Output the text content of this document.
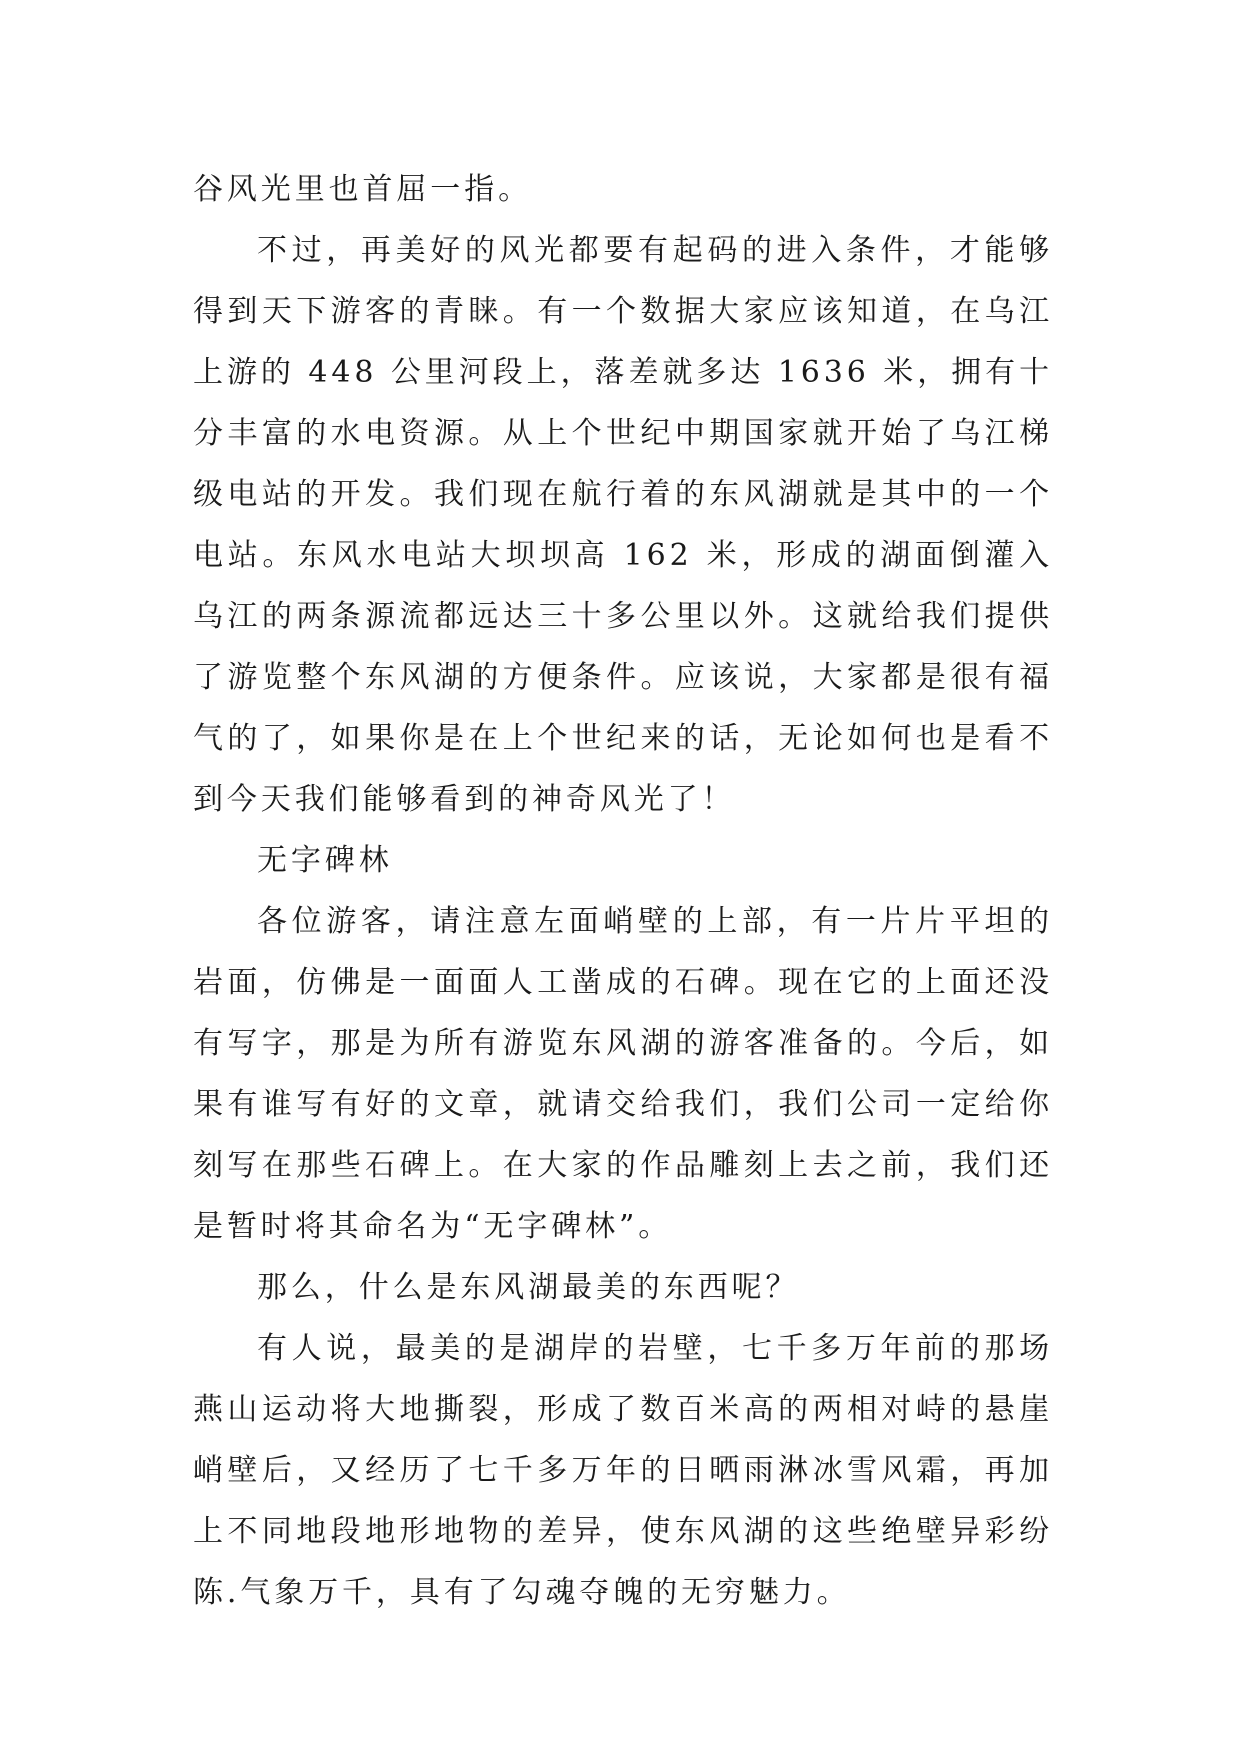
谷风光里也首屈一指。

不过，再美好的风光都要有起码的进入条件，才能够得到天下游客的青睐。有一个数据大家应该知道，在乌江上游的 448 公里河段上，落差就多达 1636 米，拥有十分丰富的水电资源。从上个世纪中期国家就开始了乌江梯级电站的开发。我们现在航行着的东风湖就是其中的一个电站。东风水电站大坝坝高 162 米，形成的湖面倒灌入乌江的两条源流都远达三十多公里以外。这就给我们提供了游览整个东风湖的方便条件。应该说，大家都是很有福气的了，如果你是在上个世纪来的话，无论如何也是看不到今天我们能够看到的神奇风光了！

无字碑林

各位游客，请注意左面峭壁的上部，有一片片平坦的岩面，仿佛是一面面人工凿成的石碑。现在它的上面还没有写字，那是为所有游览东风湖的游客准备的。今后，如果有谁写有好的文章，就请交给我们，我们公司一定给你刻写在那些石碑上。在大家的作品雕刻上去之前，我们还是暂时将其命名为“无字碑林”。

那么，什么是东风湖最美的东西呢？

有人说，最美的是湖岸的岩壁，七千多万年前的那场燕山运动将大地撕裂，形成了数百米高的两相对峙的悬崖峭壁后，又经历了七千多万年的日晒雨淋冰雪风霜，再加上不同地段地形地物的差异，使东风湖的这些绝壁异彩纷陈.气象万千，具有了勾魂夺魄的无穷魅力。
